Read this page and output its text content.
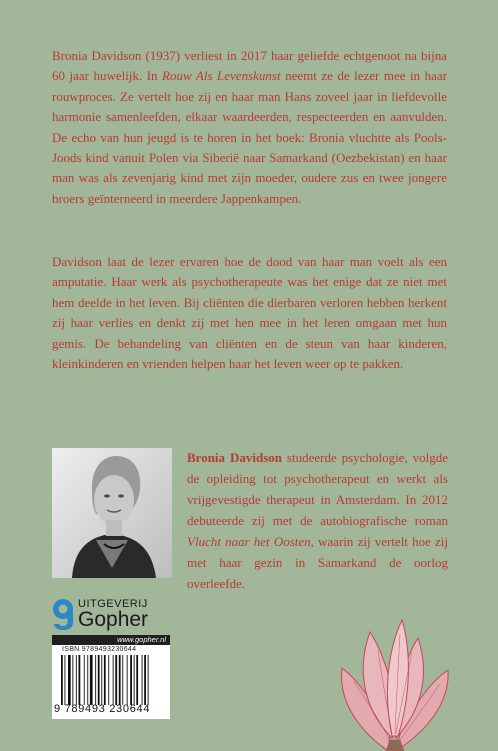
Bronia Davidson (1937) verliest in 2017 haar geliefde echtgenoot na bijna 60 jaar huwelijk. In Rouw Als Levenskunst neemt ze de lezer mee in haar rouwproces. Ze vertelt hoe zij en haar man Hans zoveel jaar in liefdevolle harmonie samenleefden, elkaar waardeerden, respecteerden en aanvulden. De echo van hun jeugd is te horen in het boek: Bronia vluchtte als Pools-Joods kind vanuit Polen via Siberië naar Samarkand (Oezbekistan) en haar man was als zevenjarig kind met zijn moeder, oudere zus en twee jongere broers geïnterneerd in meerdere Jappenkampen.

Davidson laat de lezer ervaren hoe de dood van haar man voelt als een amputatie. Haar werk als psychotherapeute was het enige dat ze niet met hem deelde in het leven. Bij cliënten die dierbaren verloren hebben herkent zij haar verlies en denkt zij met hen mee in het leren omgaan met hun gemis. De behandeling van cliënten en de steun van haar kinderen, kleinkinderen en vrienden helpen haar het leven weer op te pakken.

Bronia Davidson studeerde psychologie, volgde de opleiding tot psychotherapeut en werkt als vrijgevestigde therapeut in Amsterdam. In 2012 debuteerde zij met de autobiografische roman Vlucht naar het Oosten, waarin zij vertelt hoe zij met haar gezin in Samarkand de oorlog overleefde.

UITGEVERIJ
Gopher
www.gopher.nl
ISBN 9789493230644
9 789493 230644
